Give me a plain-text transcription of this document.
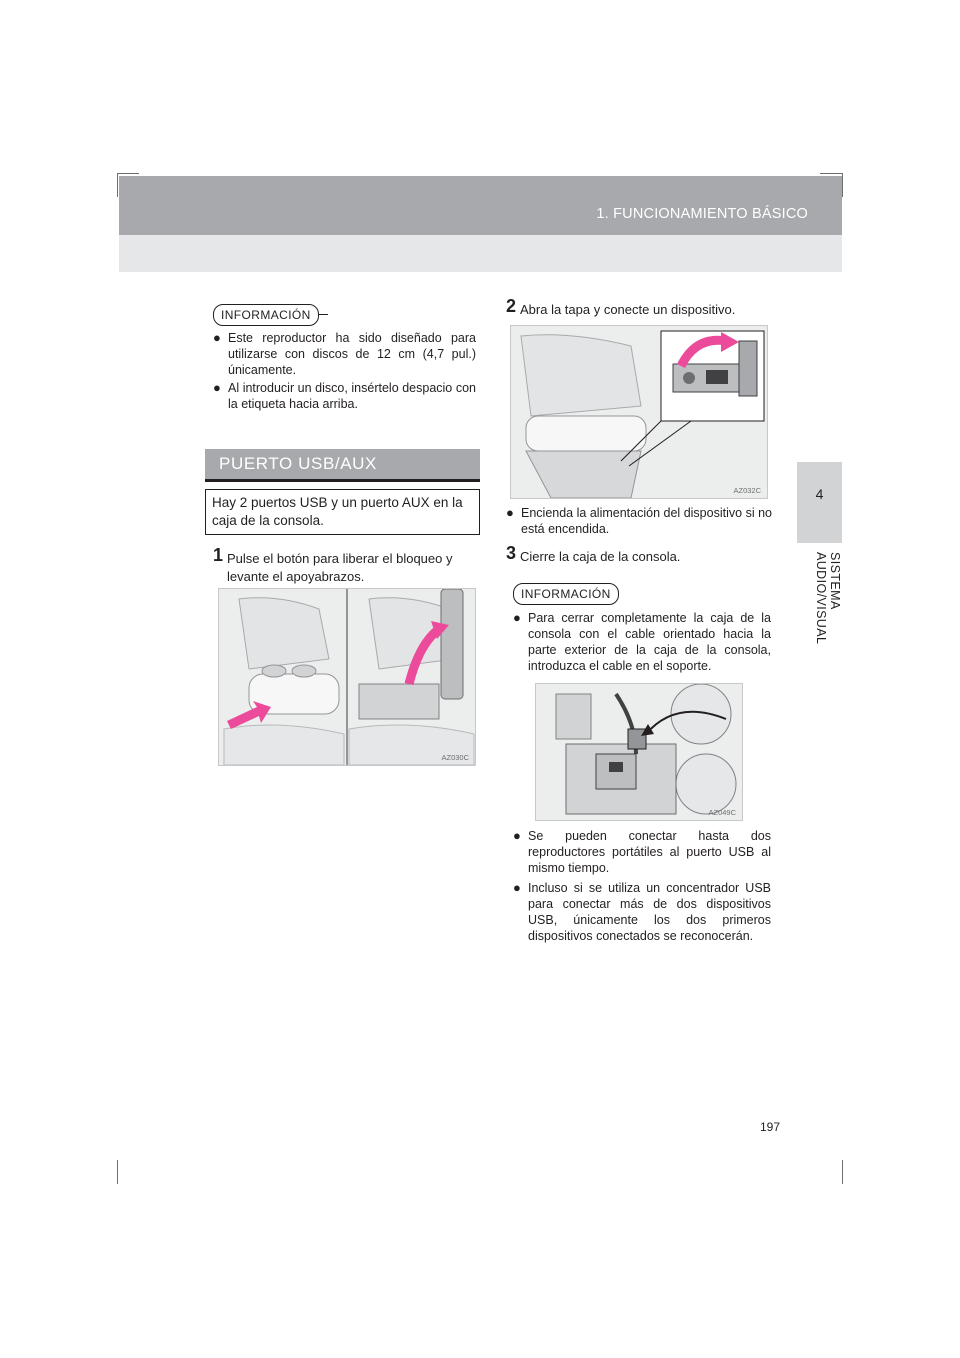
1. FUNCIONAMIENTO BÁSICO
4
SISTEMA AUDIO/VISUAL
INFORMACIÓN
● Este reproductor ha sido diseñado para utilizarse con discos de 12 cm (4,7 pul.) únicamente.
● Al introducir un disco, insértelo despacio con la etiqueta hacia arriba.
PUERTO USB/AUX
Hay 2 puertos USB y un puerto AUX en la caja de la consola.
1 Pulse el botón para liberar el bloqueo y levante el apoyabrazos.
AZ030C
2 Abra la tapa y conecte un dispositivo.
AZ032C
● Encienda la alimentación del dispositivo si no está encendida.
3 Cierre la caja de la consola.
INFORMACIÓN
● Para cerrar completamente la caja de la consola con el cable orientado hacia la parte exterior de la caja de la consola, introduzca el cable en el soporte.
AZ049C
● Se pueden conectar hasta dos reproductores portátiles al puerto USB al mismo tiempo.
● Incluso si se utiliza un concentrador USB para conectar más de dos dispositivos USB, únicamente los dos primeros dispositivos conectados se reconocerán.
197
